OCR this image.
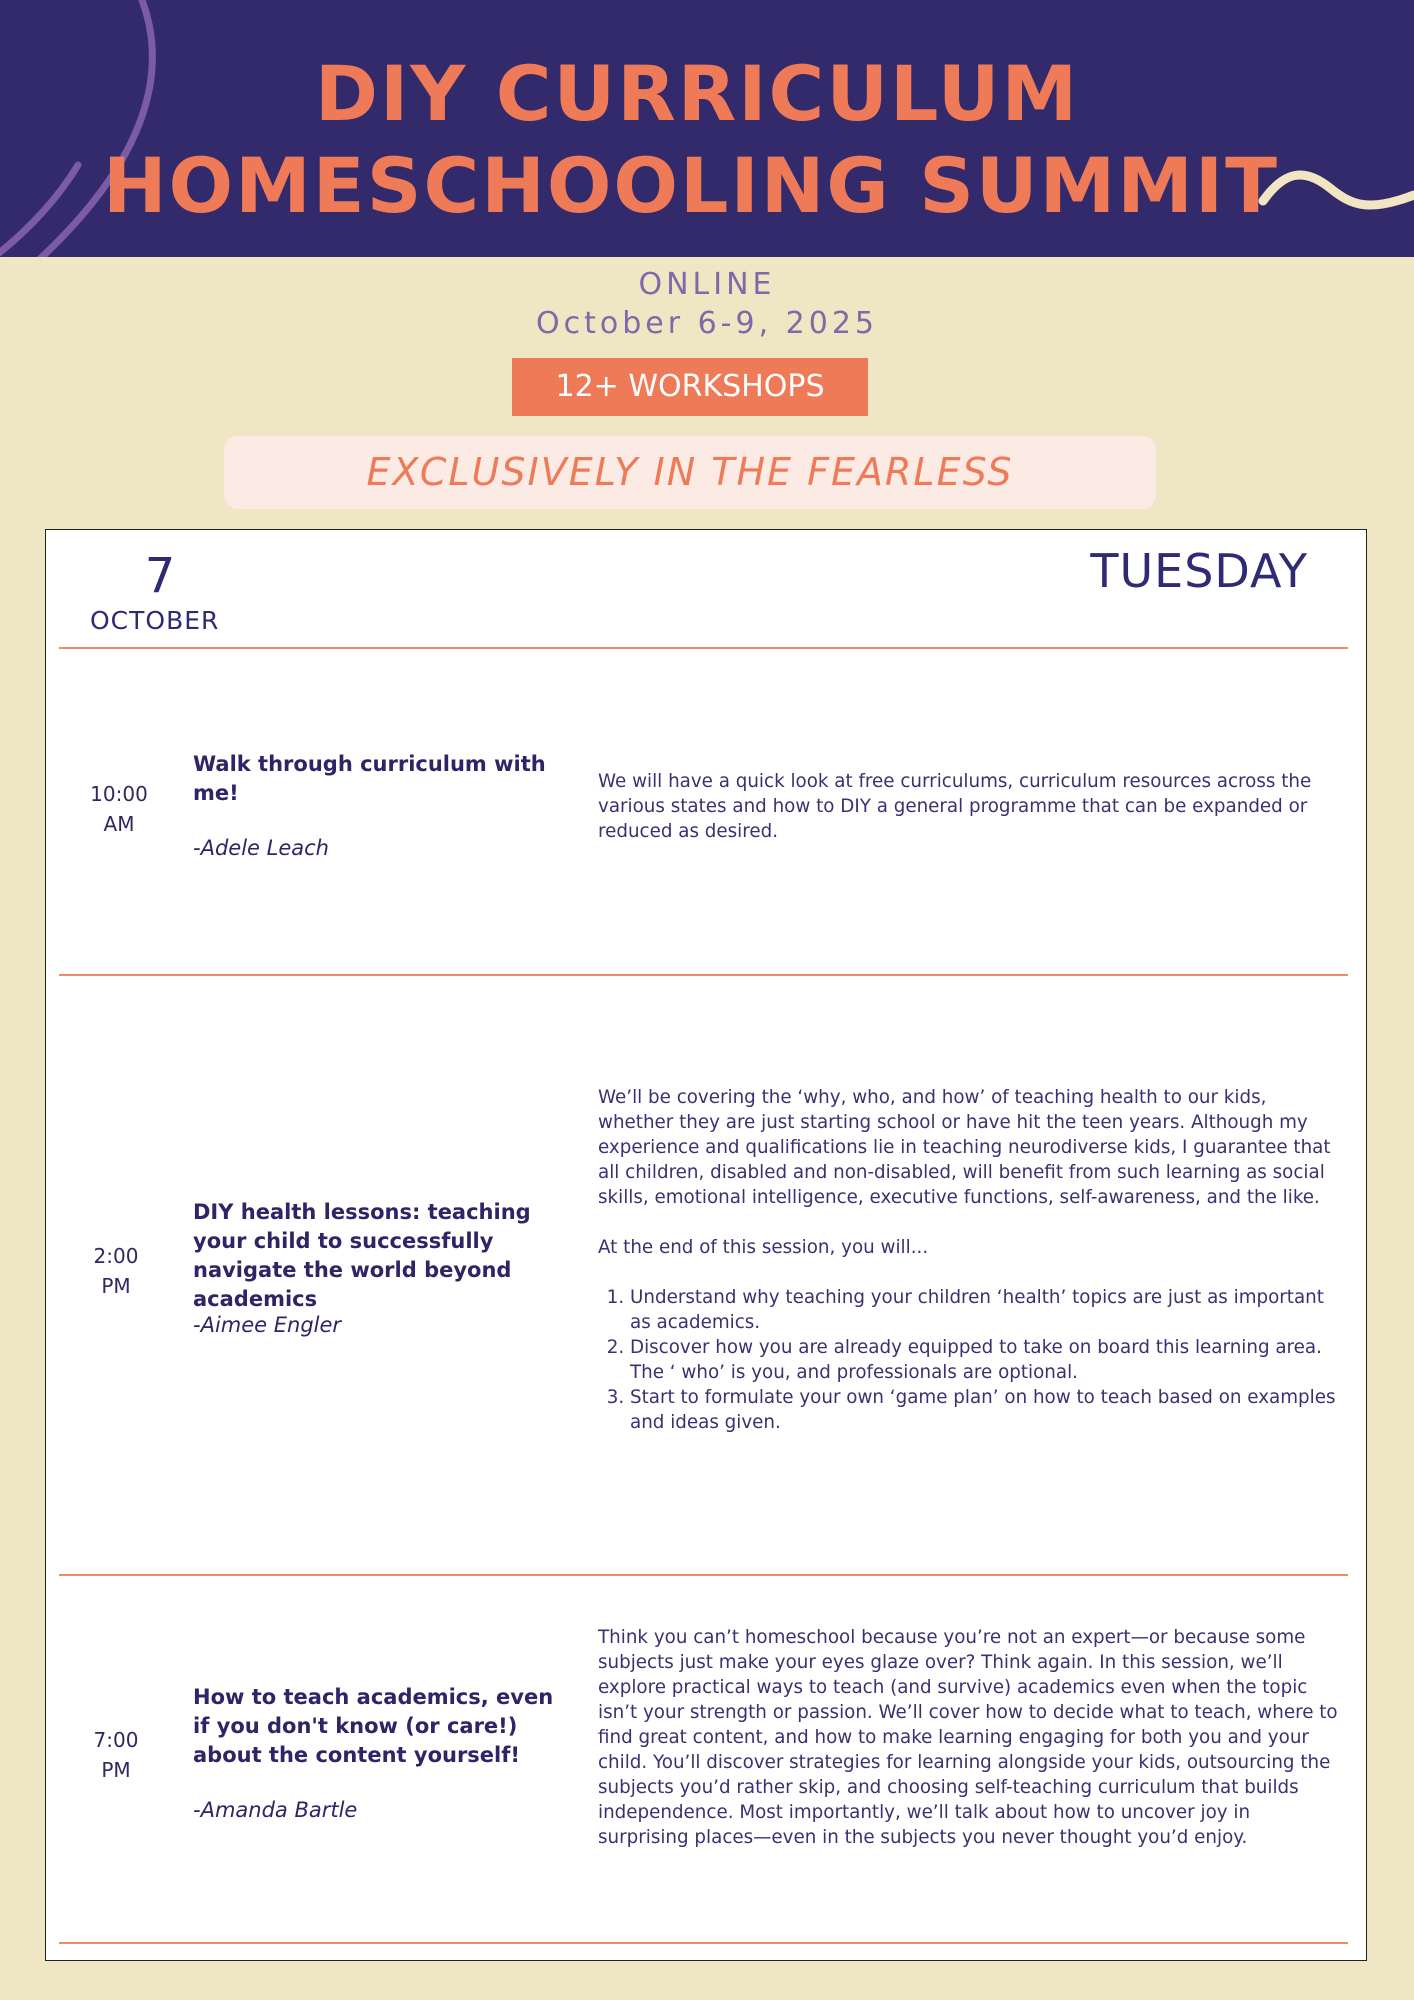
DIY CURRICULUM
HOMESCHOOLING SUMMIT
ONLINE
October 6-9, 2025
12+ WORKSHOPS
EXCLUSIVELY IN THE FEARLESS
7
OCTOBER
TUESDAY
10:00
AM
Walk through curriculum with me!
-Adele Leach
We will have a quick look at free curriculums, curriculum resources across the various states and how to DIY a general programme that can be expanded or reduced as desired.
2:00
PM
DIY health lessons: teaching your child to successfully navigate the world beyond academics
-Aimee Engler

We’ll be covering the ‘why, who, and how’ of teaching health to our kids, whether they are just starting school or have hit the teen years. Although my experience and qualifications lie in teaching neurodiverse kids, I guarantee that all children, disabled and non-disabled, will benefit from such learning as social skills, emotional intelligence, executive functions, self-awareness, and the like.

At the end of this session, you will...

1. Understand why teaching your children ‘health’ topics are just as important as academics.
2. Discover how you are already equipped to take on board this learning area. The ‘ who’ is you, and professionals are optional.
3. Start to formulate your own ‘game plan’ on how to teach based on examples and ideas given.
7:00
PM
How to teach academics, even if you don't know (or care!) about the content yourself!
-Amanda Bartle
Think you can’t homeschool because you’re not an expert—or because some subjects just make your eyes glaze over? Think again. In this session, we’ll explore practical ways to teach (and survive) academics even when the topic isn’t your strength or passion. We’ll cover how to decide what to teach, where to find great content, and how to make learning engaging for both you and your child. You’ll discover strategies for learning alongside your kids, outsourcing the subjects you’d rather skip, and choosing self-teaching curriculum that builds independence. Most importantly, we’ll talk about how to uncover joy in surprising places—even in the subjects you never thought you’d enjoy.
